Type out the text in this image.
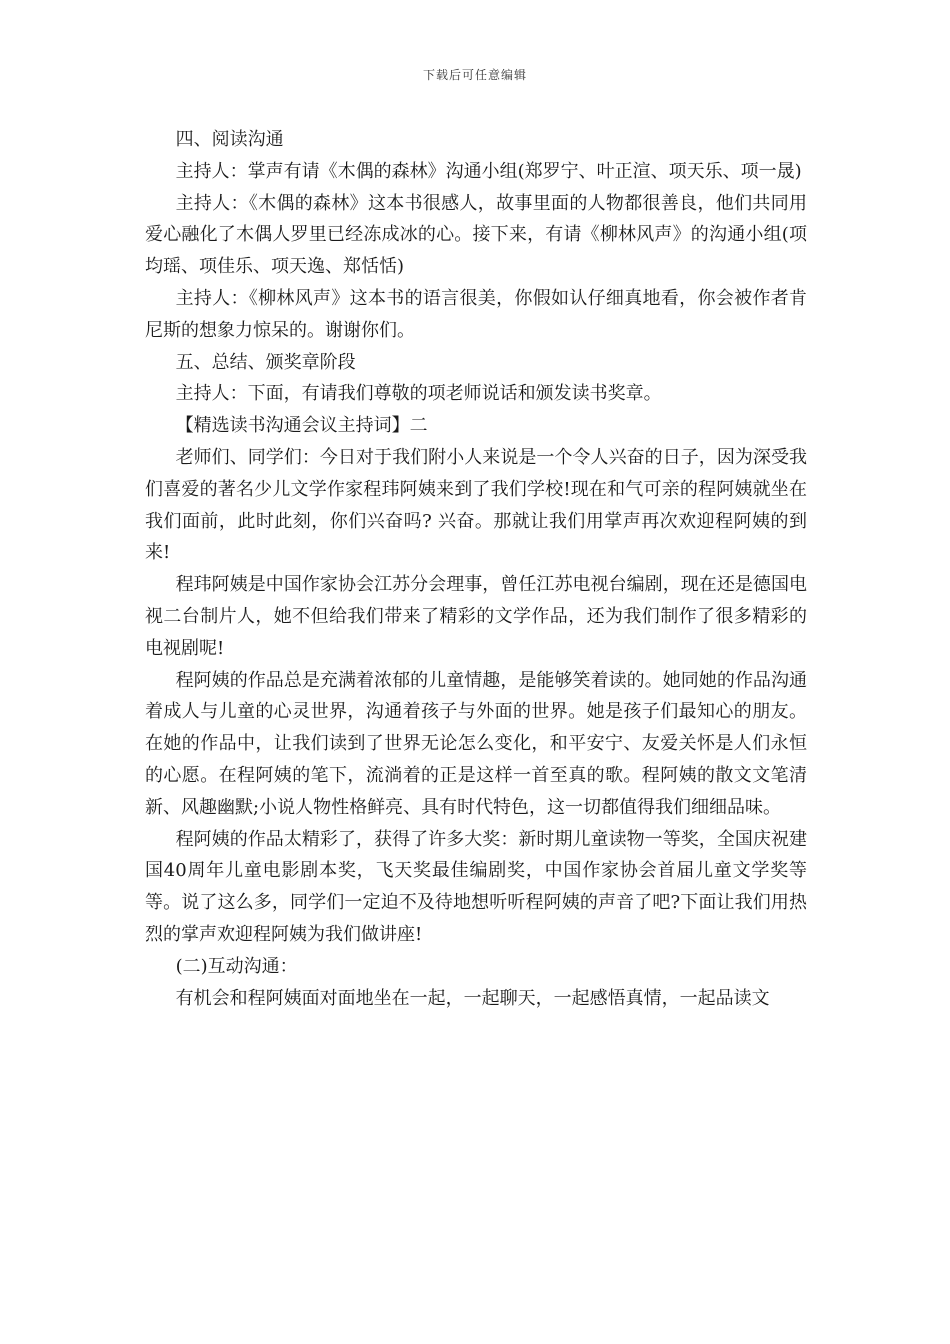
下载后可任意编辑

四、阅读沟通

主持人：掌声有请《木偶的森林》沟通小组(郑罗宁、叶正渲、项天乐、项一晟)

主持人：《木偶的森林》这本书很感人，故事里面的人物都很善良，他们共同用爱心融化了木偶人罗里已经冻成冰的心。接下来，有请《柳林风声》的沟通小组(项均瑶、项佳乐、项天逸、郑恬恬)

主持人：《柳林风声》这本书的语言很美，你假如认仔细真地看，你会被作者肯尼斯的想象力惊呆的。谢谢你们。

五、总结、颁奖章阶段

主持人：下面，有请我们尊敬的项老师说话和颁发读书奖章。

【精选读书沟通会议主持词】二

老师们、同学们：今日对于我们附小人来说是一个令人兴奋的日子，因为深受我们喜爱的著名少儿文学作家程玮阿姨来到了我们学校!现在和气可亲的程阿姨就坐在我们面前，此时此刻，你们兴奋吗? 兴奋。那就让我们用掌声再次欢迎程阿姨的到来!

程玮阿姨是中国作家协会江苏分会理事，曾任江苏电视台编剧，现在还是德国电视二台制片人，她不但给我们带来了精彩的文学作品，还为我们制作了很多精彩的电视剧呢!

程阿姨的作品总是充满着浓郁的儿童情趣，是能够笑着读的。她同她的作品沟通着成人与儿童的心灵世界，沟通着孩子与外面的世界。她是孩子们最知心的朋友。在她的作品中，让我们读到了世界无论怎么变化，和平安宁、友爱关怀是人们永恒的心愿。在程阿姨的笔下，流淌着的正是这样一首至真的歌。程阿姨的散文文笔清新、风趣幽默;小说人物性格鲜亮、具有时代特色，这一切都值得我们细细品味。

程阿姨的作品太精彩了，获得了许多大奖：新时期儿童读物一等奖，全国庆祝建国40周年儿童电影剧本奖，飞天奖最佳编剧奖，中国作家协会首届儿童文学奖等等。说了这么多，同学们一定迫不及待地想听听程阿姨的声音了吧?下面让我们用热烈的掌声欢迎程阿姨为我们做讲座!

(二)互动沟通：

有机会和程阿姨面对面地坐在一起，一起聊天，一起感悟真情，一起品读文
